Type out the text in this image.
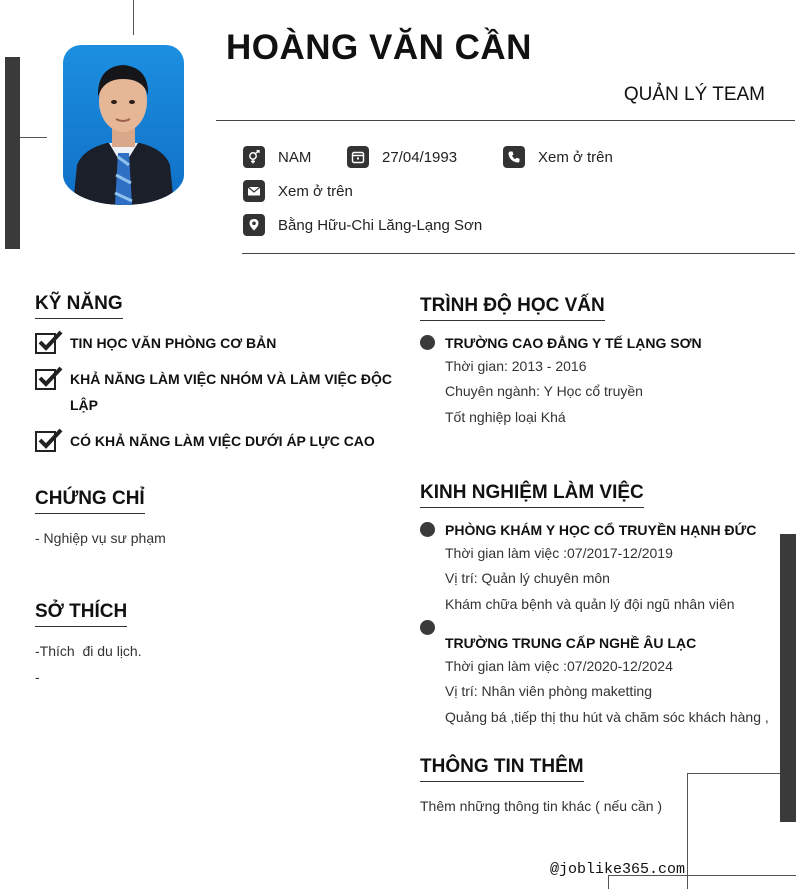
HOÀNG VĂN CẦN
QUẢN LÝ TEAM
NAM	27/04/1993	Xem ở trên
Xem ở trên
Bằng Hữu-Chi Lăng-Lạng Sơn
KỸ NĂNG
TIN HỌC VĂN PHÒNG CƠ BẢN
KHẢ NĂNG LÀM VIỆC NHÓM VÀ LÀM VIỆC ĐỘC LẬP
CÓ KHẢ NĂNG LÀM VIỆC DƯỚI ÁP LỰC CAO
CHỨNG CHỈ
- Nghiệp vụ sư phạm
SỞ THÍCH
-Thích  đi du lịch.
-
TRÌNH ĐỘ HỌC VẤN
TRƯỜNG CAO ĐẲNG Y TẾ LẠNG SƠN
Thời gian: 2013 - 2016
Chuyên ngành: Y Học cổ truyền
Tốt nghiệp loại Khá
KINH NGHIỆM LÀM VIỆC
PHÒNG KHÁM Y HỌC CỔ TRUYỀN HẠNH ĐỨC
Thời gian làm việc :07/2017-12/2019
Vị trí: Quản lý chuyên môn
Khám chữa bệnh và quản lý đội ngũ nhân viên
TRƯỜNG TRUNG CẤP NGHỀ ÂU LẠC
Thời gian làm việc :07/2020-12/2024
Vị trí: Nhân viên phòng maketting
Quảng bá ,tiếp thị thu hút và chăm sóc khách hàng ,
THÔNG TIN THÊM
Thêm những thông tin khác ( nếu cần )
@joblike365.com
